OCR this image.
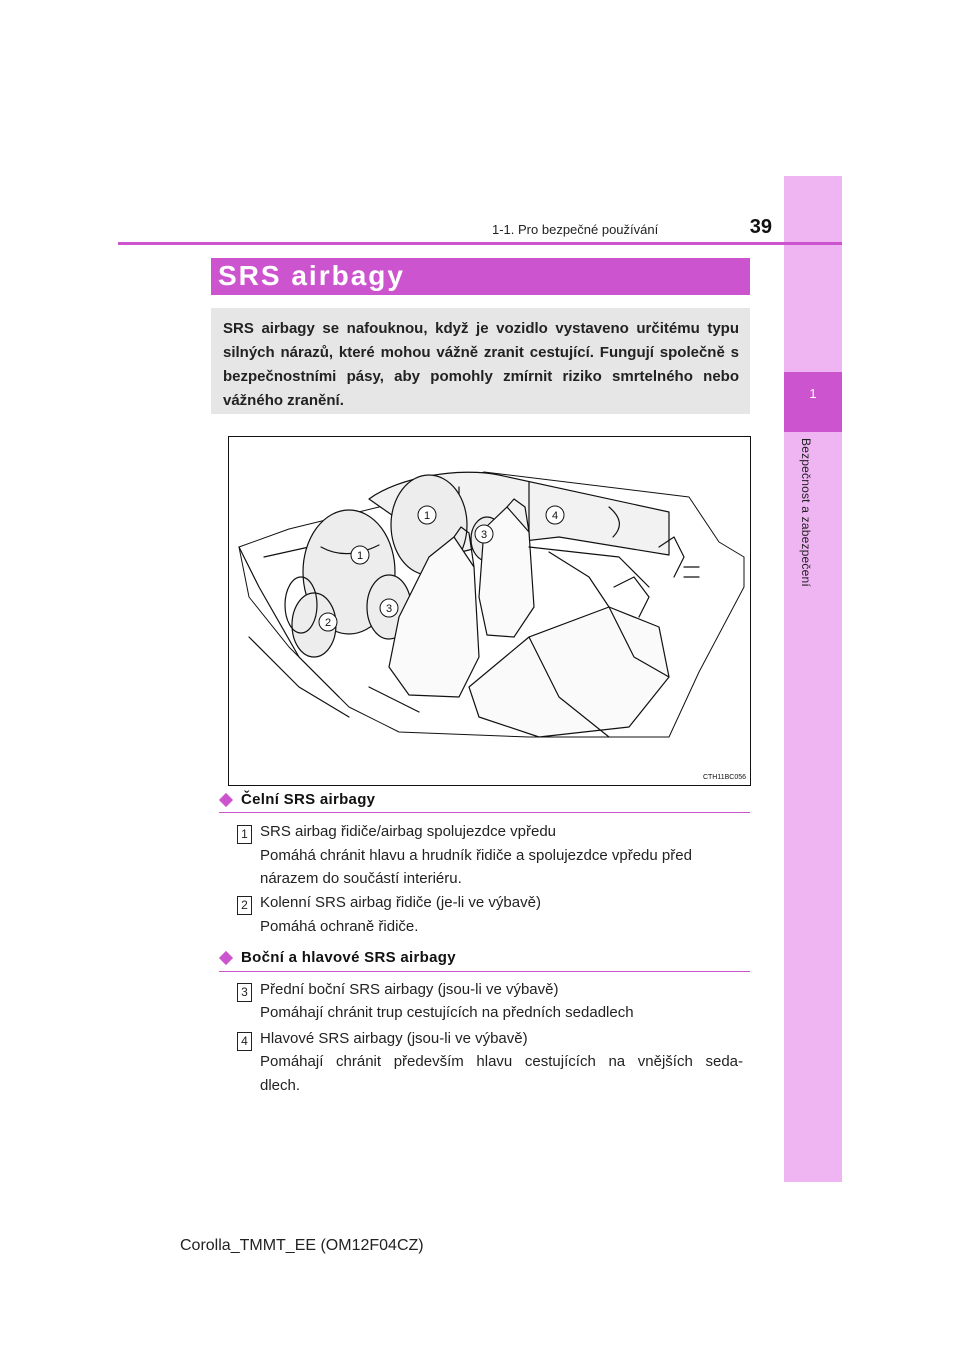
1
Bezpečnost a zabezpečení
1-1. Pro bezpečné používání	39
SRS airbagy
SRS airbagy se nafouknou, když je vozidlo vystaveno určitému typu silných nárazů, které mohou vážně zranit cestující. Fungují společně s bezpečnostními pásy, aby pomohly zmírnit riziko smrtelného nebo vážného zranění.
1
1
2
3
3
4
CTH11BC056
Čelní SRS airbagy
1 SRS airbag řidiče/airbag spolujezdce vpředu
Pomáhá chránit hlavu a hrudník řidiče a spolujezdce vpředu před
nárazem do součástí interiéru.
2 Kolenní SRS airbag řidiče (je-li ve výbavě)
Pomáhá ochraně řidiče.
Boční a hlavové SRS airbagy
3 Přední boční SRS airbagy (jsou-li ve výbavě)
Pomáhají chránit trup cestujících na předních sedadlech
4 Hlavové SRS airbagy (jsou-li ve výbavě)
Pomáhají chránit především hlavu cestujících na vnějších seda-
dlech.
Corolla_TMMT_EE (OM12F04CZ)
